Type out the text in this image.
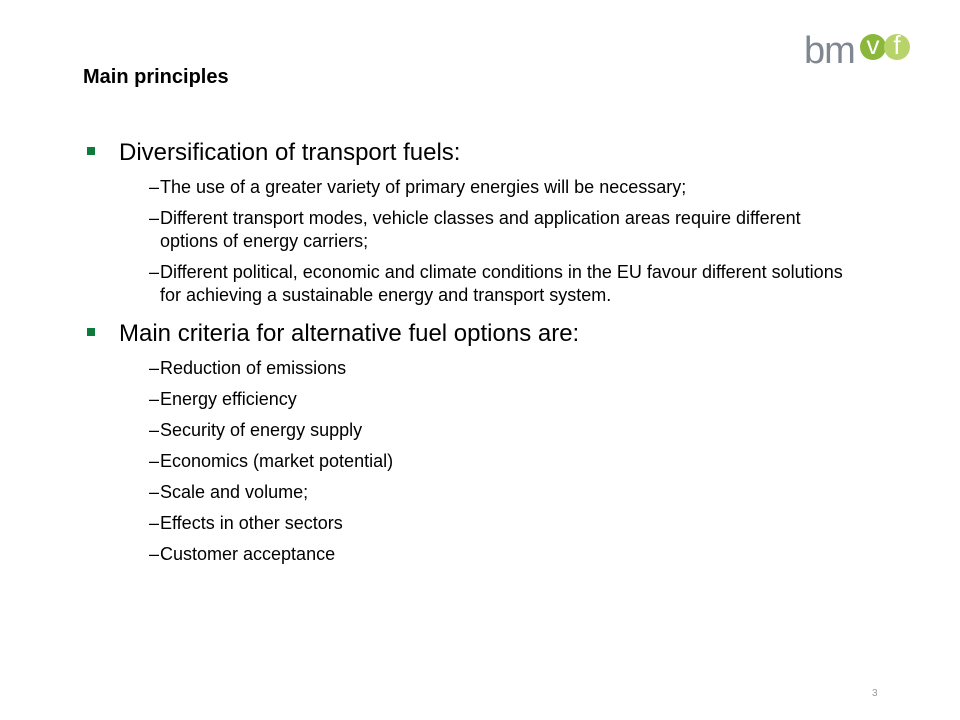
bm v f
Main principles
Diversification of transport fuels:
– The use of a greater variety of primary energies will be necessary;
– Different transport modes, vehicle classes and application areas require different options of energy carriers;
– Different political, economic and climate conditions in the EU favour different solutions for achieving a sustainable energy and transport system.
Main criteria for alternative fuel options are:
– Reduction of emissions
– Energy efficiency
– Security of energy supply
– Economics (market potential)
– Scale and volume;
– Effects in other sectors
– Customer acceptance
3
